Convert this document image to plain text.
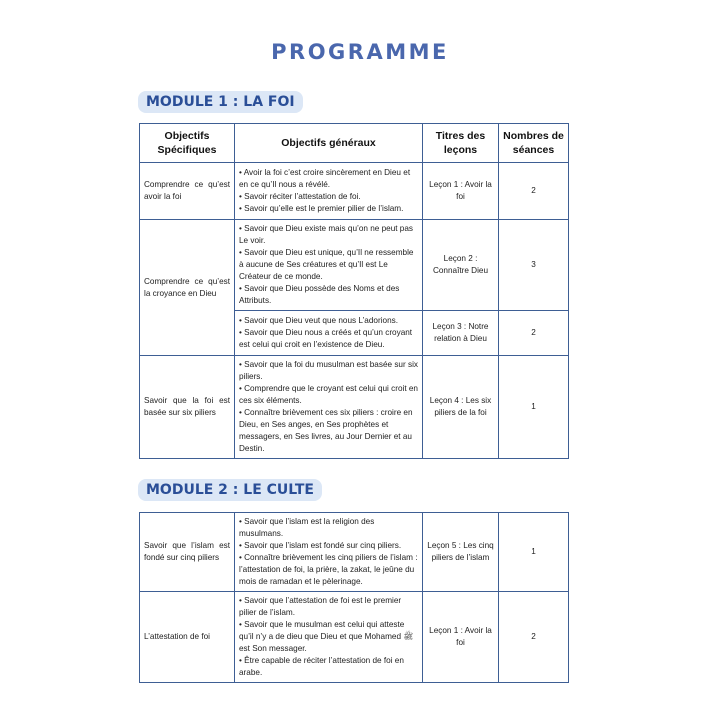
PROGRAMME
MODULE 1 : LA FOI
Objectifs Spécifiques	Objectifs généraux	Titres des leçons	Nombres de séances
Comprendre ce qu’est avoir la foi	• Avoir la foi c’est croire sincèrement en Dieu et en ce qu’Il nous a révélé.
• Savoir réciter l’attestation de foi.
• Savoir qu’elle est le premier pilier de l’islam.	Leçon 1 : Avoir la foi	2
Comprendre ce qu’est la croyance en Dieu	• Savoir que Dieu existe mais qu’on ne peut pas Le voir.
• Savoir que Dieu est unique, qu’Il ne ressemble à aucune de Ses créatures et qu’Il est Le Créateur de ce monde.
• Savoir que Dieu possède des Noms et des Attributs.	Leçon 2 : Connaître Dieu	3

	• Savoir que Dieu veut que nous L’adorions.
• Savoir que Dieu nous a créés et qu’un croyant est celui qui croit en l’existence de Dieu.	Leçon 3 : Notre relation à Dieu	2
Savoir que la foi est basée sur six piliers	• Savoir que la foi du musulman est basée sur six piliers.
• Comprendre que le croyant est celui qui croit en ces six éléments.
• Connaître brièvement ces six piliers : croire en Dieu, en Ses anges, en Ses prophètes et messagers, en Ses livres, au Jour Dernier et au Destin.	Leçon 4 : Les six piliers de la foi	1
MODULE 2 : LE CULTE
Savoir que l’islam est fondé sur cinq piliers	• Savoir que l’islam est la religion des musulmans.
• Savoir que l’islam est fondé sur cinq piliers.
• Connaître brièvement les cinq piliers de l’islam : l’attestation de foi, la prière, la zakat, le jeûne du mois de ramadan et le pèlerinage.	Leçon 5 : Les cinq piliers de l’islam	1
L’attestation de foi	• Savoir que l’attestation de foi est le premier pilier de l’islam.
• Savoir que le musulman est celui qui atteste qu’il n’y a de dieu que Dieu et que Mohamed ﷺ est Son messager.
• Être capable de réciter l’attestation de foi en arabe.	Leçon 1 : Avoir la foi	2
